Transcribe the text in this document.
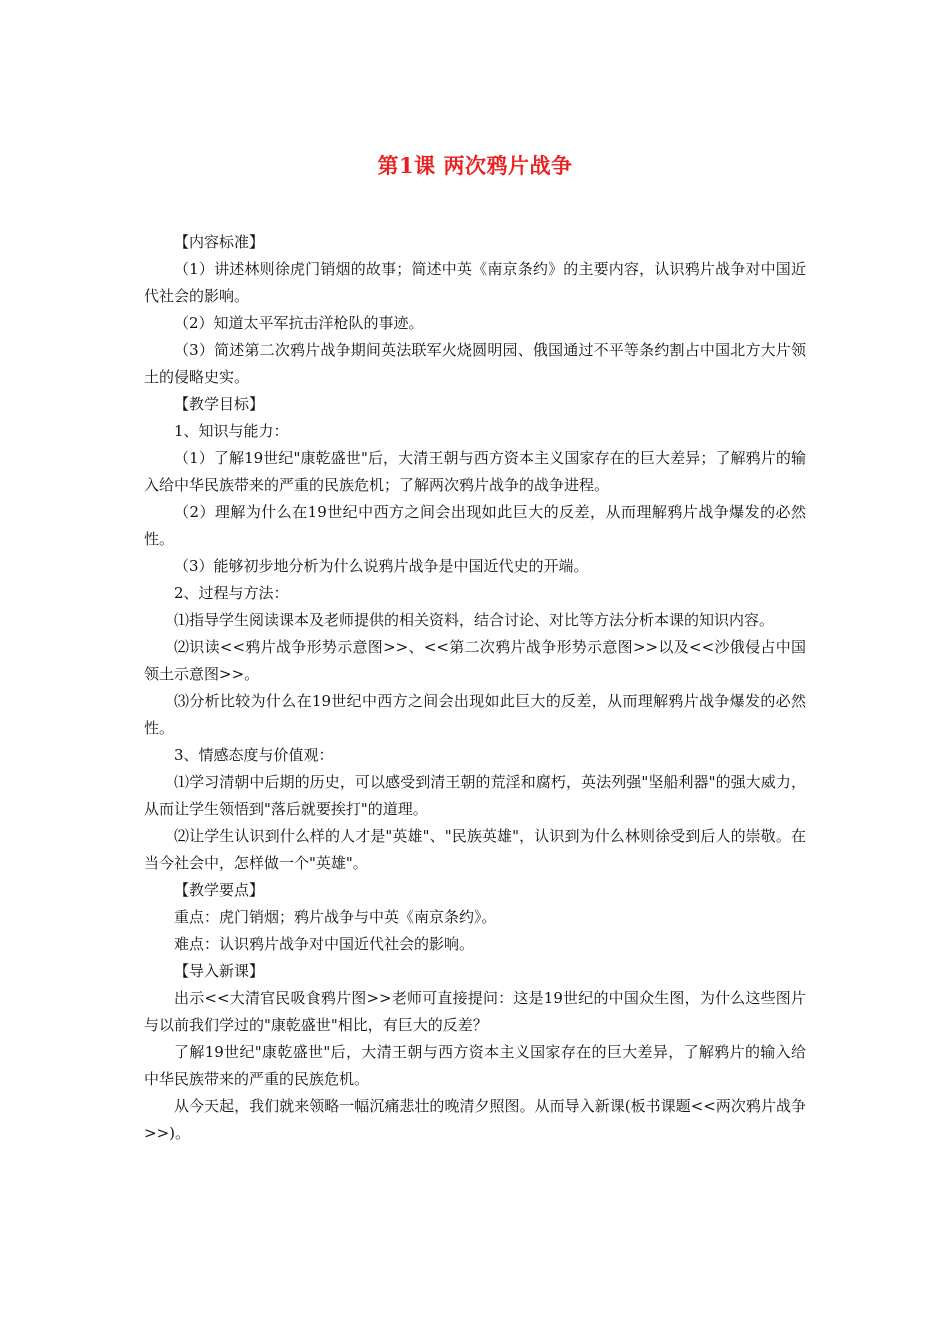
第1课 两次鸦片战争

【内容标准】

（1）讲述林则徐虎门销烟的故事；简述中英《南京条约》的主要内容，认识鸦片战争对中国近代社会的影响。

（2）知道太平军抗击洋枪队的事迹。

（3）简述第二次鸦片战争期间英法联军火烧圆明园、俄国通过不平等条约割占中国北方大片领土的侵略史实。

【教学目标】

1、知识与能力：

（1）了解19世纪"康乾盛世"后，大清王朝与西方资本主义国家存在的巨大差异；了解鸦片的输入给中华民族带来的严重的民族危机；了解两次鸦片战争的战争进程。

（2）理解为什么在19世纪中西方之间会出现如此巨大的反差，从而理解鸦片战争爆发的必然性。

（3）能够初步地分析为什么说鸦片战争是中国近代史的开端。

2、过程与方法：

⑴指导学生阅读课本及老师提供的相关资料，结合讨论、对比等方法分析本课的知识内容。

⑵识读<<鸦片战争形势示意图>>、<<第二次鸦片战争形势示意图>>以及<<沙俄侵占中国领土示意图>>。

⑶分析比较为什么在19世纪中西方之间会出现如此巨大的反差，从而理解鸦片战争爆发的必然性。

3、情感态度与价值观：

⑴学习清朝中后期的历史，可以感受到清王朝的荒淫和腐朽，英法列强"坚船利器"的强大威力，从而让学生领悟到"落后就要挨打"的道理。

⑵让学生认识到什么样的人才是"英雄"、"民族英雄"，认识到为什么林则徐受到后人的崇敬。在当今社会中，怎样做一个"英雄"。

【教学要点】

重点：虎门销烟；鸦片战争与中英《南京条约》。

难点：认识鸦片战争对中国近代社会的影响。

【导入新课】

出示<<大清官民吸食鸦片图>>老师可直接提问：这是19世纪的中国众生图，为什么这些图片与以前我们学过的"康乾盛世"相比，有巨大的反差？

了解19世纪"康乾盛世"后，大清王朝与西方资本主义国家存在的巨大差异，了解鸦片的输入给中华民族带来的严重的民族危机。

从今天起，我们就来领略一幅沉痛悲壮的晚清夕照图。从而导入新课(板书课题<<两次鸦片战争>>)。
